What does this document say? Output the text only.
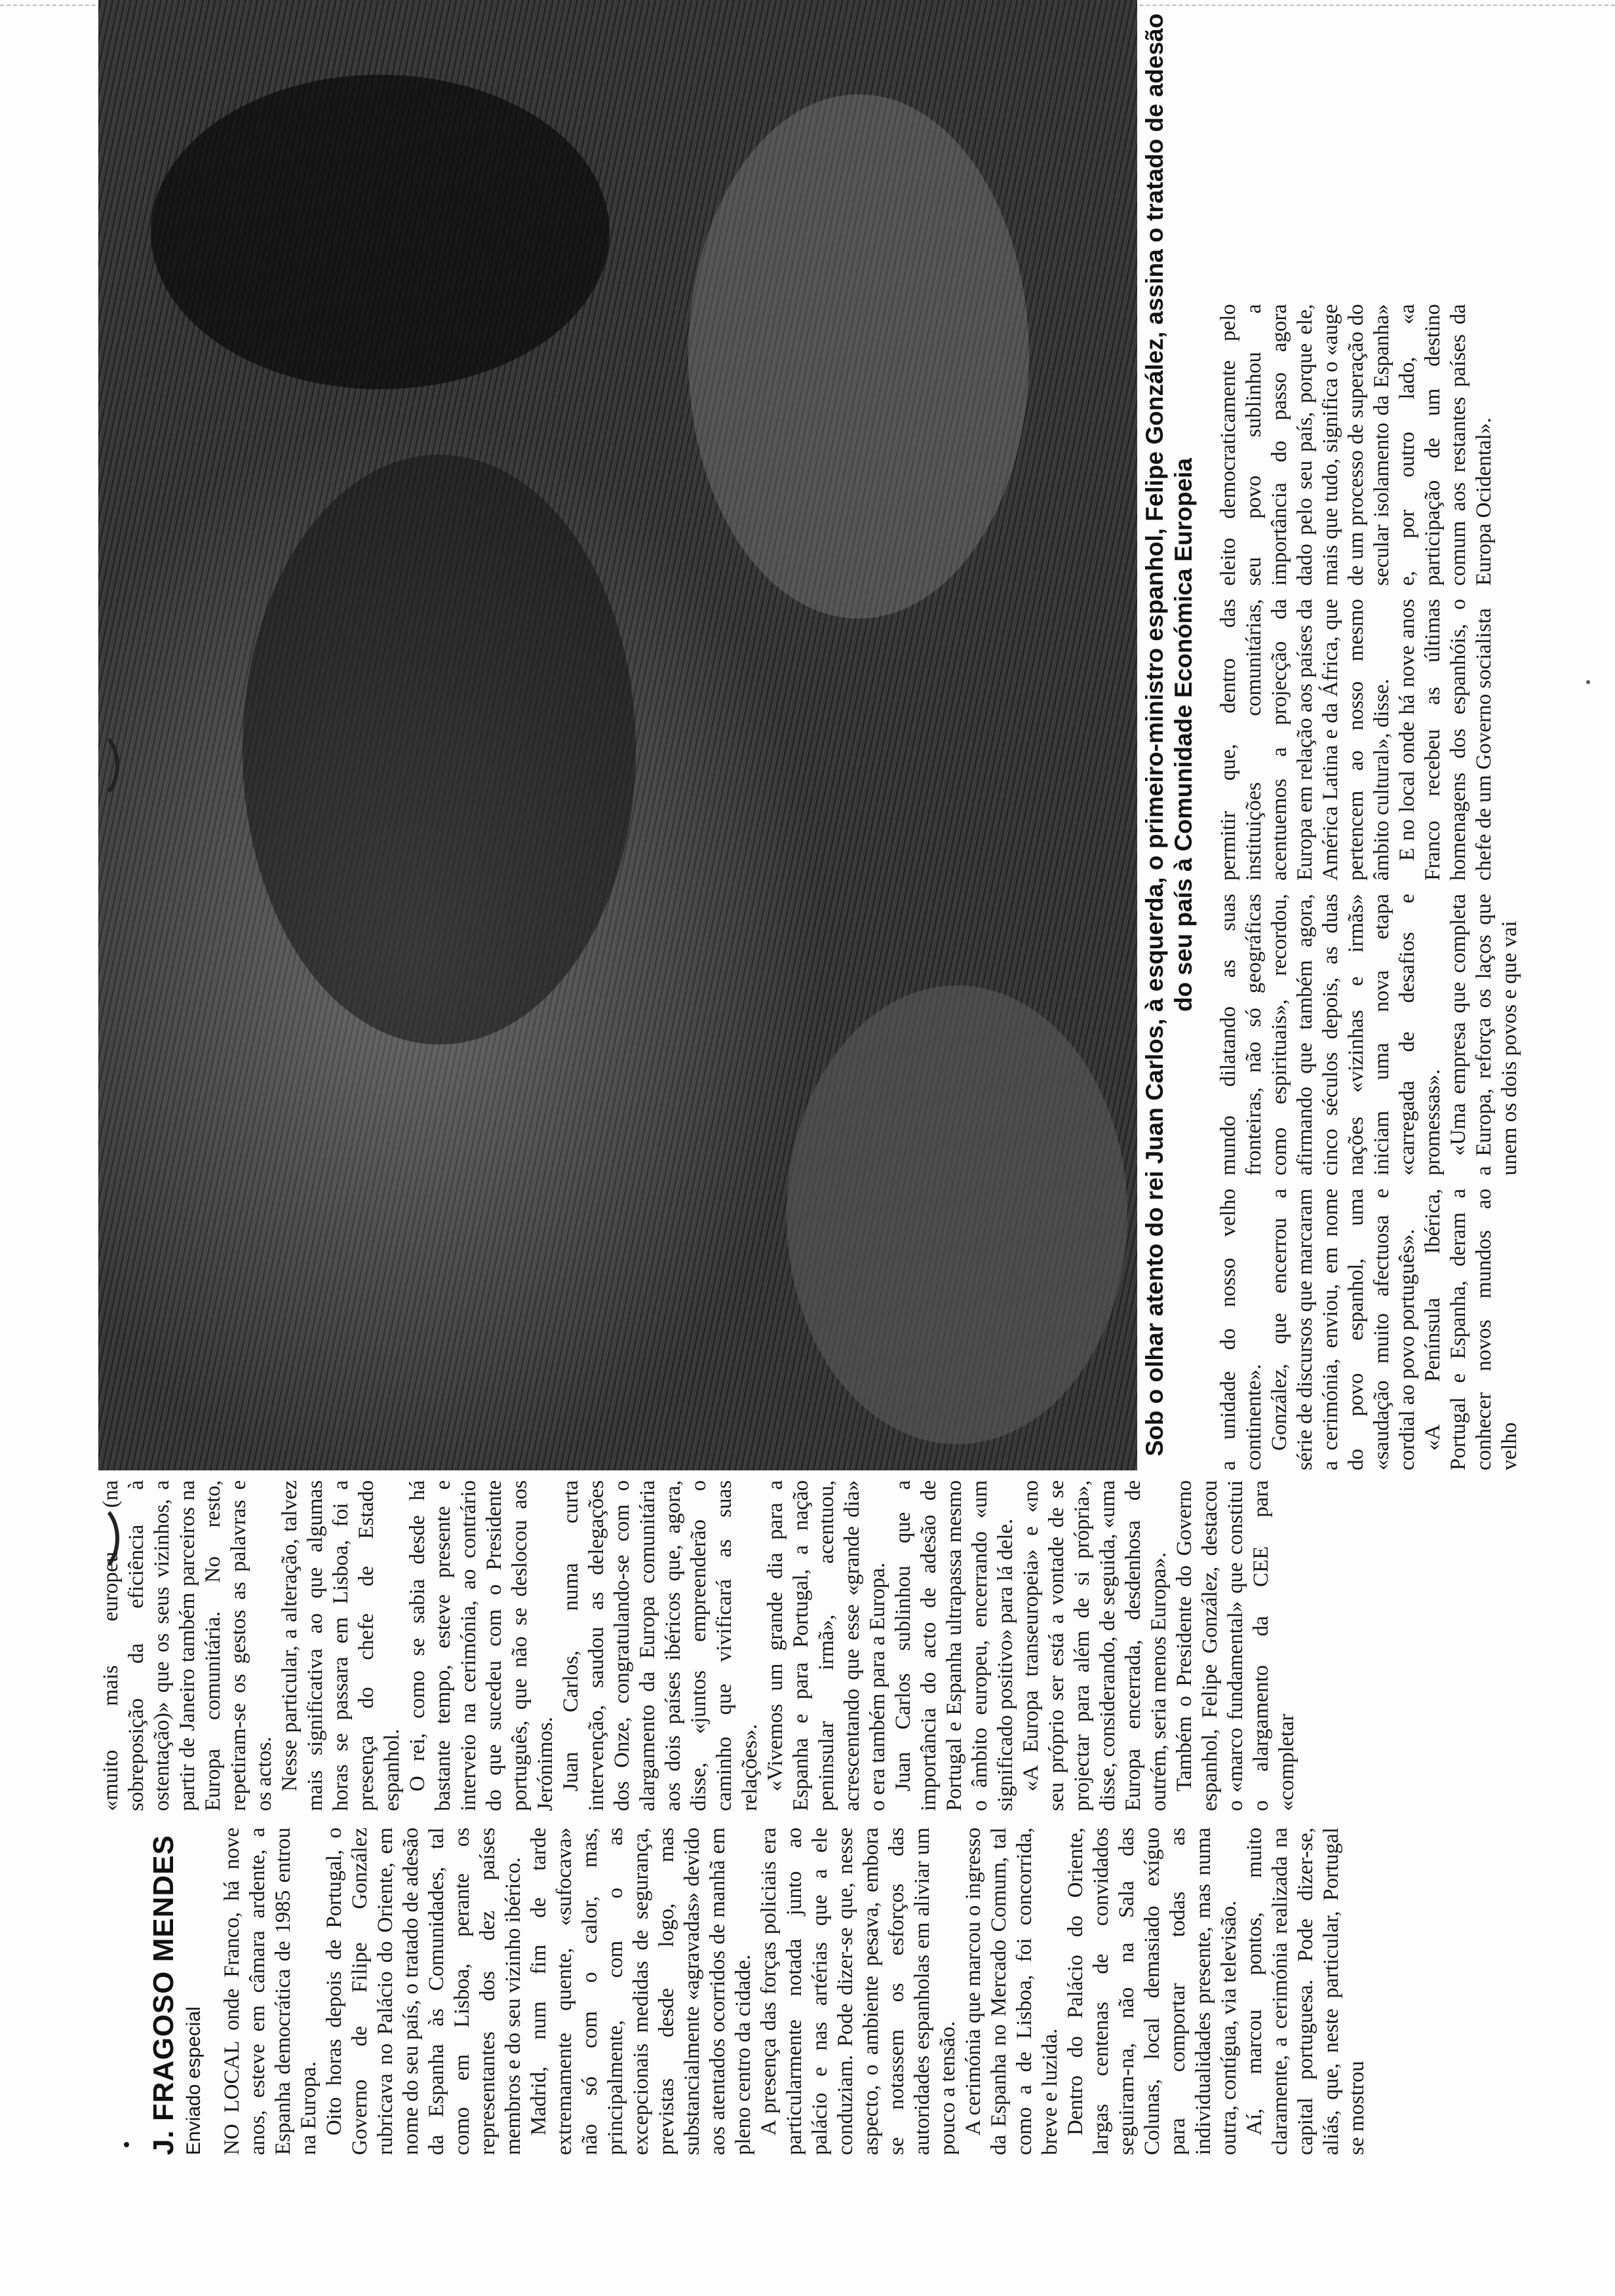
J. FRAGOSO MENDES Enviado especial NO LOCAL onde Franco, há nove anos, esteve em câmara ardente, a Espanha democrática de 1985 entrou na Europa. Oito horas depois de Portugal, o Governo de Filipe González rubricava no Palácio do Oriente, em nome do seu país, o tratado de adesão da Espanha às Comunidades, tal como em Lisboa, perante os representantes dos dez países membros e do seu vizinho ibérico. Madrid, num fim de tarde extremamente quente, «sufocava» não só com o calor, mas, principalmente, com o as excepcionais medidas de segurança, previstas desde logo, mas substancialmente «agravadas» devido aos atentados ocorridos de manhã em pleno centro da cidade. A presença das forças policiais era particularmente notada junto ao palácio e nas artérias que a ele conduziam. Pode dizer-se que, nesse aspecto, o ambiente pesava, embora se notassem os esforços das autoridades espanholas em aliviar um pouco a tensão. A cerimónia que marcou o ingresso da Espanha no Mercado Comum, tal como a de Lisboa, foi concorrida, breve e luzida. Dentro do Palácio do Oriente, largas centenas de convidados seguiram-na, não na Sala das Colunas, local demasiado exíguo para comportar todas as individualidades presente, mas numa outra, contígua, via televisão. Aí, marcou pontos, muito claramente, a cerimónia realizada na capital portuguesa. Pode dizer-se, aliás, que, neste particular, Portugal se mostrou

«muito mais europeu (na sobreposição da eficiência à ostentação)» que os seus vizinhos, a partir de Janeiro também parceiros na Europa comunitária. No resto, repetiram-se os gestos as palavras e os actos. Nesse particular, a alteração, talvez mais significativa ao que algumas horas se passara em Lisboa, foi a presença do chefe de Estado espanhol. O rei, como se sabia desde há bastante tempo, esteve presente e interveio na cerimónia, ao contrário do que sucedeu com o Presidente português, que não se deslocou aos Jerónimos. Juan Carlos, numa curta intervenção, saudou as delegações dos Onze, congratulando-se com o alargamento da Europa comunitária aos dois países ibéricos que, agora, disse, «juntos empreenderão o caminho que vivificará as suas relações». «Vivemos um grande dia para a Espanha e para Portugal, a nação peninsular irmã», acentuou, acrescentando que esse «grande dia» o era também para a Europa. Juan Carlos sublinhou que a importância do acto de adesão de Portugal e Espanha ultrapassa mesmo o âmbito europeu, encerrando «um significado positivo» para lá dele. «A Europa transeuropeia» e «no seu próprio ser está a vontade de se projectar para além de si própria», disse, considerando, de seguida, «uma Europa encerrada, desdenhosa de outrém, seria menos Europa». Também o Presidente do Governo espanhol, Felipe González, destacou o «marco fundamental» que constitui o alargamento da CEE para «completar

Sob o olhar atento do rei Juan Carlos, à esquerda, o primeiro-ministro espanhol, Felipe González, assina o tratado de adesão do seu país à Comunidade Económica Europeia

a unidade do nosso velho continente». González, que encerrou a série de discursos que marcaram a cerimónia, enviou, em nome do povo espanhol, uma «saudação muito afectuosa e cordial ao povo português». «A Península Ibérica, Portugal e Espanha, deram a conhecer novos mundos ao velho

mundo dilatando as suas fronteiras, não só geográficas como espirituais», recordou, afirmando que também agora, cinco séculos depois, as duas nações «vizinhas e irmãs» iniciam uma nova etapa «carregada de desafios e promessas». «Uma empresa que completa a Europa, reforça os laços que unem os dois povos e que vai

permitir que, dentro das instituições comunitárias, acentuemos a projecção da Europa em relação aos países da América Latina e da África, que pertencem ao nosso mesmo âmbito cultural», disse. E no local onde há nove anos Franco recebeu as últimas homenagens dos espanhóis, o chefe de um Governo socialista

eleito democraticamente pelo seu povo sublinhou a importância do passo agora dado pelo seu país, porque ele, mais que tudo, significa o «auge de um processo de superação do secular isolamento da Espanha» e, por outro lado, «a participação de um destino comum aos restantes países da Europa Ocidental».
